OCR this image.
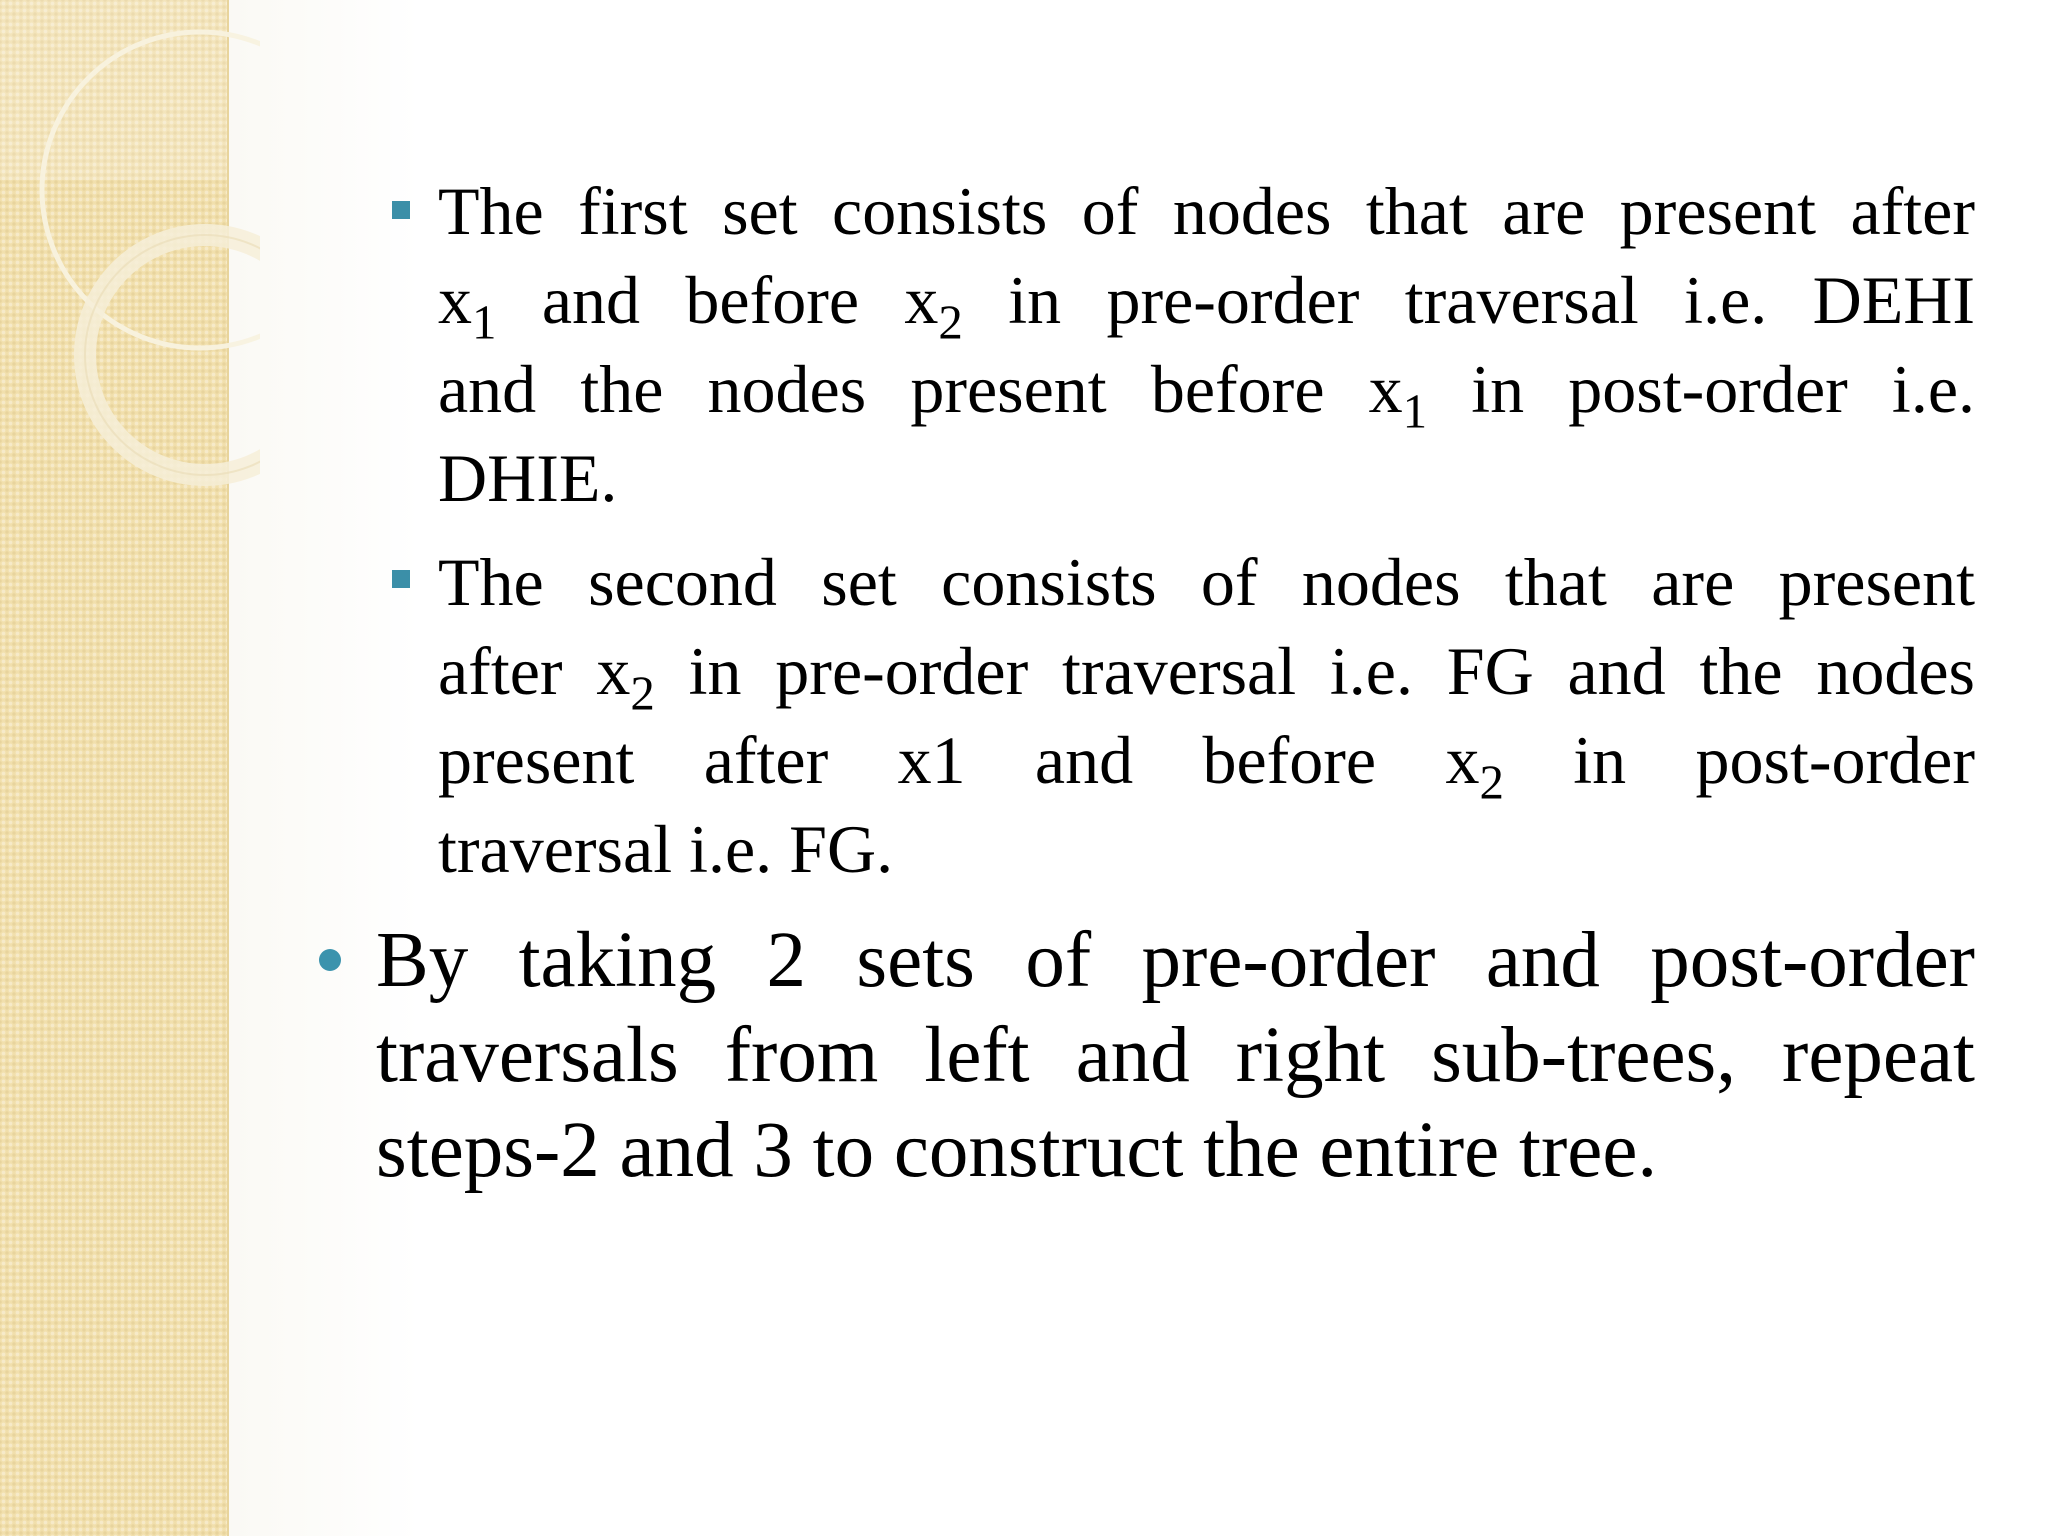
The first set consists of nodes that are present after
$x_1$ and before $x_2$ in pre-order traversal i.e. DEHI
and the nodes present before $x_1$ in post-order i.e.
DHIE.
The second set consists of nodes that are present
after $x_2$ in pre-order traversal i.e. FG and the nodes
present after x1 and before $x_2$ in post-order
traversal i.e. FG.
By taking 2 sets of pre-order and post-order
traversals from left and right sub-trees, repeat
steps-2 and 3 to construct the entire tree.
